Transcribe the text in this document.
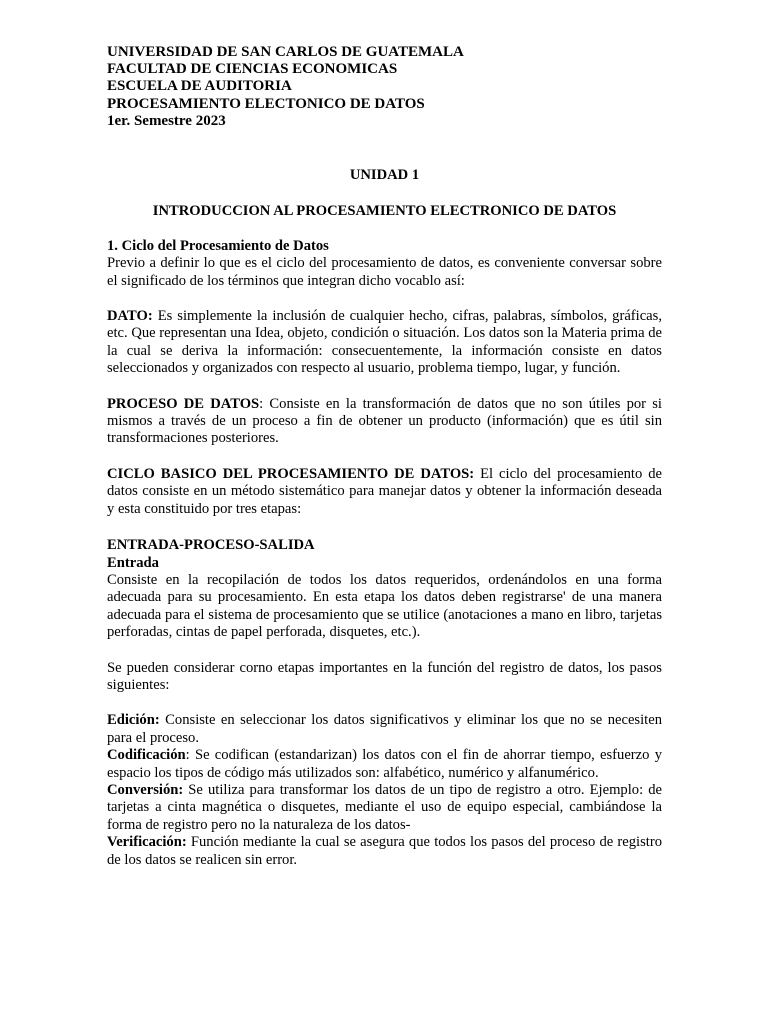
UNIVERSIDAD DE SAN CARLOS DE GUATEMALA
FACULTAD DE CIENCIAS ECONOMICAS
ESCUELA DE AUDITORIA
PROCESAMIENTO ELECTONICO DE DATOS
1er. Semestre 2023
UNIDAD 1
INTRODUCCION AL PROCESAMIENTO ELECTRONICO DE DATOS
1. Ciclo del Procesamiento de Datos

Previo a definir lo que es el ciclo del procesamiento de datos, es conveniente conversar sobre el significado de los términos que integran dicho vocablo así:

DATO: Es simplemente la inclusión de cualquier hecho, cifras, palabras, símbolos, gráficas, etc. Que representan una Idea, objeto, condición o situación. Los datos son la Materia prima de la cual se deriva la información: consecuentemente, la información consiste en datos seleccionados y organizados con respecto al usuario, problema tiempo, lugar, y función.

PROCESO DE DATOS: Consiste en la transformación de datos que no son útiles por si mismos a través de un proceso a fin de obtener un producto (información) que es útil sin transformaciones posteriores.

CICLO BASICO DEL PROCESAMIENTO DE DATOS: El ciclo del procesamiento de datos consiste en un método sistemático para manejar datos y obtener la información deseada y esta constituido por tres etapas:

ENTRADA-PROCESO-SALIDA
Entrada

Consiste en la recopilación de todos los datos requeridos, ordenándolos en una forma adecuada para su procesamiento. En esta etapa los datos deben registrarse' de una manera adecuada para el sistema de procesamiento que se utilice (anotaciones a mano en libro, tarjetas perforadas, cintas de papel perforada, disquetes, etc.).

Se pueden considerar corno etapas importantes en la función del registro de datos, los pasos siguientes:

Edición: Consiste en seleccionar los datos significativos y eliminar los que no se necesiten para el proceso.

Codificación: Se codifican (estandarizan) los datos con el fin de ahorrar tiempo, esfuerzo y espacio los tipos de código más utilizados son: alfabético, numérico y alfanumérico.

Conversión: Se utiliza para transformar los datos de un tipo de registro a otro. Ejemplo: de tarjetas a cinta magnética o disquetes, mediante el uso de equipo especial, cambiándose la forma de registro pero no la naturaleza de los datos-

Verificación: Función mediante la cual se asegura que todos los pasos del proceso de registro de los datos se realicen sin error.
